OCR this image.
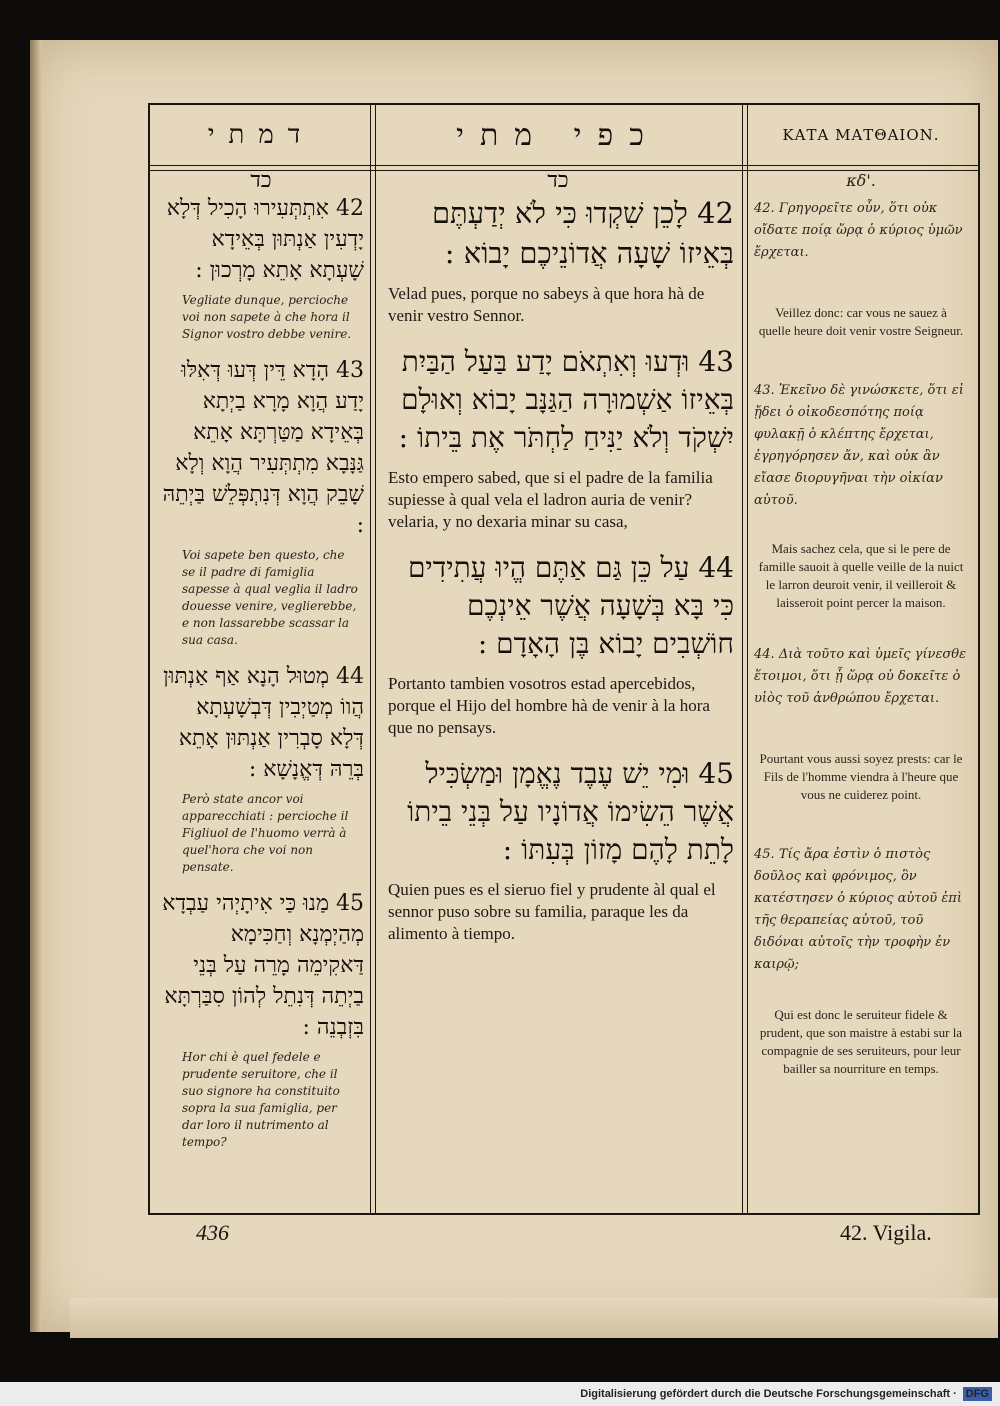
דמתי
כד
42 אִתְתְּעִירוּ הָכִיל דְּלָא יָדְעִין אַנְתּוּן בְּאֵידָא שָׁעְתָא אָתֵא מָרְכוּן :
Vegliate dunque, percioche voi non sapete à che hora il Signor vostro debbe venire.
43 הָדָא דֵּין דְּעוּ דְּאִלּוּ יָדַע הֲוָא מָרָא בַיְתָא בְּאֵידָא מַטַּרְתָּא אָתֵא גַּנָּבָא מִתְתְּעִיר הֲוָא וְלָא שָׁבֵק הֲוָא דְּנִתְפְּלֵשׁ בַּיְתֵהּ :
Voi sapete ben questo, che se il padre di famiglia sapesse à qual veglia il ladro douesse venire, veglierebbe, e non lassarebbe scassar la sua casa.
44 מְטוּל הָנָא אַף אַנְתּוּן הֲווֹ מְטַיְבִין דְּבְשָׁעְתָא דְּלָא סָבְרִין אַנְתּוּן אָתֵא בְּרֵהּ דְּאֱנָשָׁא :
Però state ancor voi apparecchiati : percioche il Figliuol de l'huomo verrà à quel'hora che voi non pensate.
45 מַנוּ כַּי אִיתָיְהי עַבְדָא מְהַיְמְנָא וְחַכִּימָא דַּאקִימֵה מָרֵה עַל בְּנֵי בַיְתֵה דְּנִתֵל לְהוֹן סִבַּרְתָּא בִּזְבְנֵה :
Hor chi è quel fedele e prudente seruitore, che il suo signore ha constituito sopra la sua famiglia, per dar loro il nutrimento al tempo?
כפי מתי
כד
42 לָכֵן שִׁקְדוּ כִּי לֹא יְדַעְתֶּם בְּאֵיזוֹ שָׁעָה אֲדוֹנֵיכֶם יָבוֹא :
Velad pues, porque no sabeys à que hora hà de venir vestro Sennor.
43 וּדְעוּ וְאִתְאֹם יָדַע בַּעַל הַבַּיִת בְּאֵיזוֹ אַשְׁמוּרָה הַגַּנָּב יָבוֹא וְאוּלָם יִשְׁקֹד וְלֹא יַנִּיחַ לַחְתֹּר אֶת בֵּיתוֹ :
Esto empero sabed, que si el padre de la familia supiesse à qual vela el ladron auria de venir? velaria, y no dexaria minar su casa,
44 עַל כֵּן גַּם אַתֶּם הֱיוּ עֲתִידִים כִּי בָּא בְּשָׁעָה אֲשֶׁר אֵינְכֶם חוֹשְׁבִים יָבוֹא בֶּן הָאָדָם :
Portanto tambien vosotros estad apercebidos, porque el Hijo del hombre hà de venir à la hora que no pensays.
45 וּמִי יֵשׁ עֶבֶד נֶאֱמָן וּמַשְׂכִּיל אֲשֶׁר הֵשִׂימוֹ אֲדוֹנָיו עַל בְּנֵי בֵיתוֹ לָתֵת לָהֶם מָזוֹן בְּעִתּוֹ :
Quien pues es el sieruo fiel y prudente àl qual el sennor puso sobre su familia, paraque les da alimento à tiempo.
ΚΑΤΑ ΜΑΤΘΑΙΟΝ.
κδ'.
42. Γρηγορεῖτε οὖν, ὅτι οὐκ οἴδατε ποίᾳ ὥρᾳ ὁ κύριος ὑμῶν ἔρχεται.
Veillez donc: car vous ne sauez à quelle heure doit venir vostre Seigneur.
43. Ἐκεῖνο δὲ γινώσκετε, ὅτι εἰ ᾔδει ὁ οἰκοδεσπότης ποίᾳ φυλακῇ ὁ κλέπτης ἔρχεται, ἐγρηγόρησεν ἄν, καὶ οὐκ ἂν εἴασε διορυγῆναι τὴν οἰκίαν αὐτοῦ.
Mais sachez cela, que si le pere de famille sauoit à quelle veille de la nuict le larron deuroit venir, il veilleroit & laisseroit point percer la maison.
44. Διὰ τοῦτο καὶ ὑμεῖς γίνεσθε ἕτοιμοι, ὅτι ᾗ ὥρᾳ οὐ δοκεῖτε ὁ υἱὸς τοῦ ἀνθρώπου ἔρχεται.
Pourtant vous aussi soyez prests: car le Fils de l'homme viendra à l'heure que vous ne cuiderez point.
45. Τίς ἄρα ἐστὶν ὁ πιστὸς δοῦλος καὶ φρόνιμος, ὃν κατέστησεν ὁ κύριος αὐτοῦ ἐπὶ τῆς θεραπείας αὐτοῦ, τοῦ διδόναι αὐτοῖς τὴν τροφὴν ἐν καιρῷ;
Qui est donc le seruiteur fidele & prudent, que son maistre à estabi sur la compagnie de ses seruiteurs, pour leur bailler sa nourriture en temps.
436	42. Vigila.
Digitalisierung gefördert durch die Deutsche Forschungsgemeinschaft · DFG
